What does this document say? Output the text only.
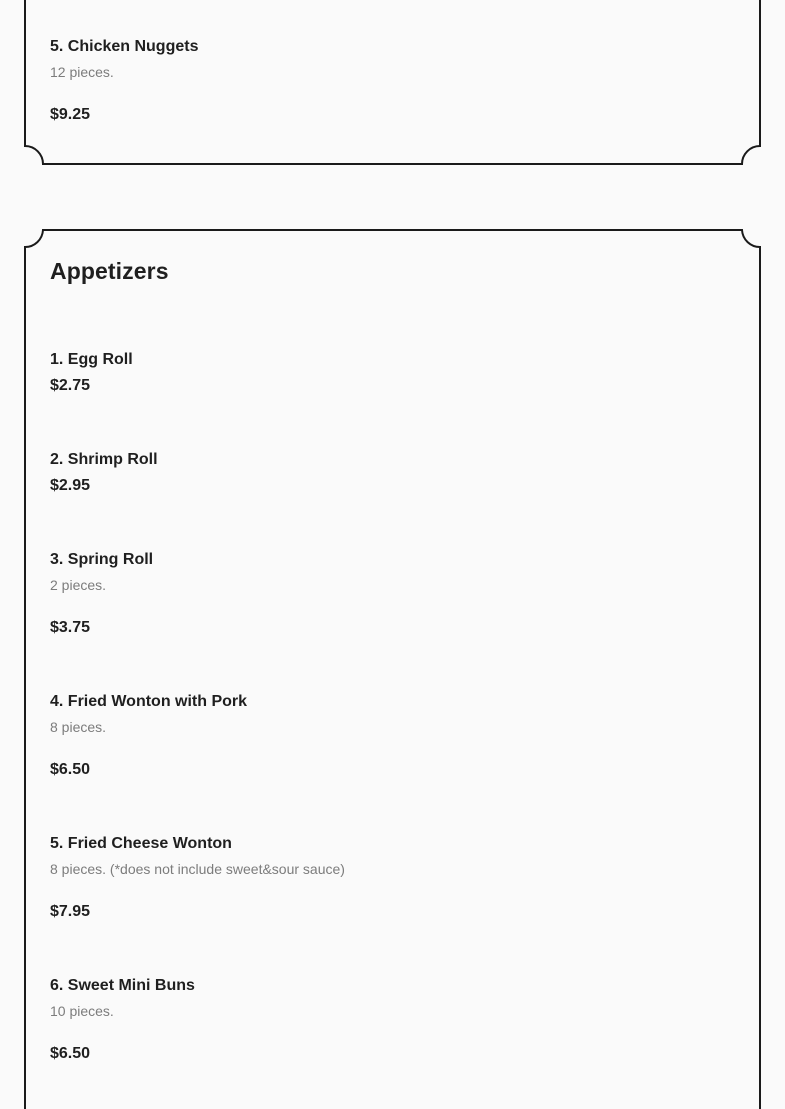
5. Chicken Nuggets

12 pieces.

$9.25

Appetizers

1. Egg Roll

$2.75

2. Shrimp Roll

$2.95

3. Spring Roll

2 pieces.

$3.75

4. Fried Wonton with Pork

8 pieces.

$6.50

5. Fried Cheese Wonton

8 pieces. (*does not include sweet&sour sauce)

$7.95

6. Sweet Mini Buns

10 pieces.

$6.50
